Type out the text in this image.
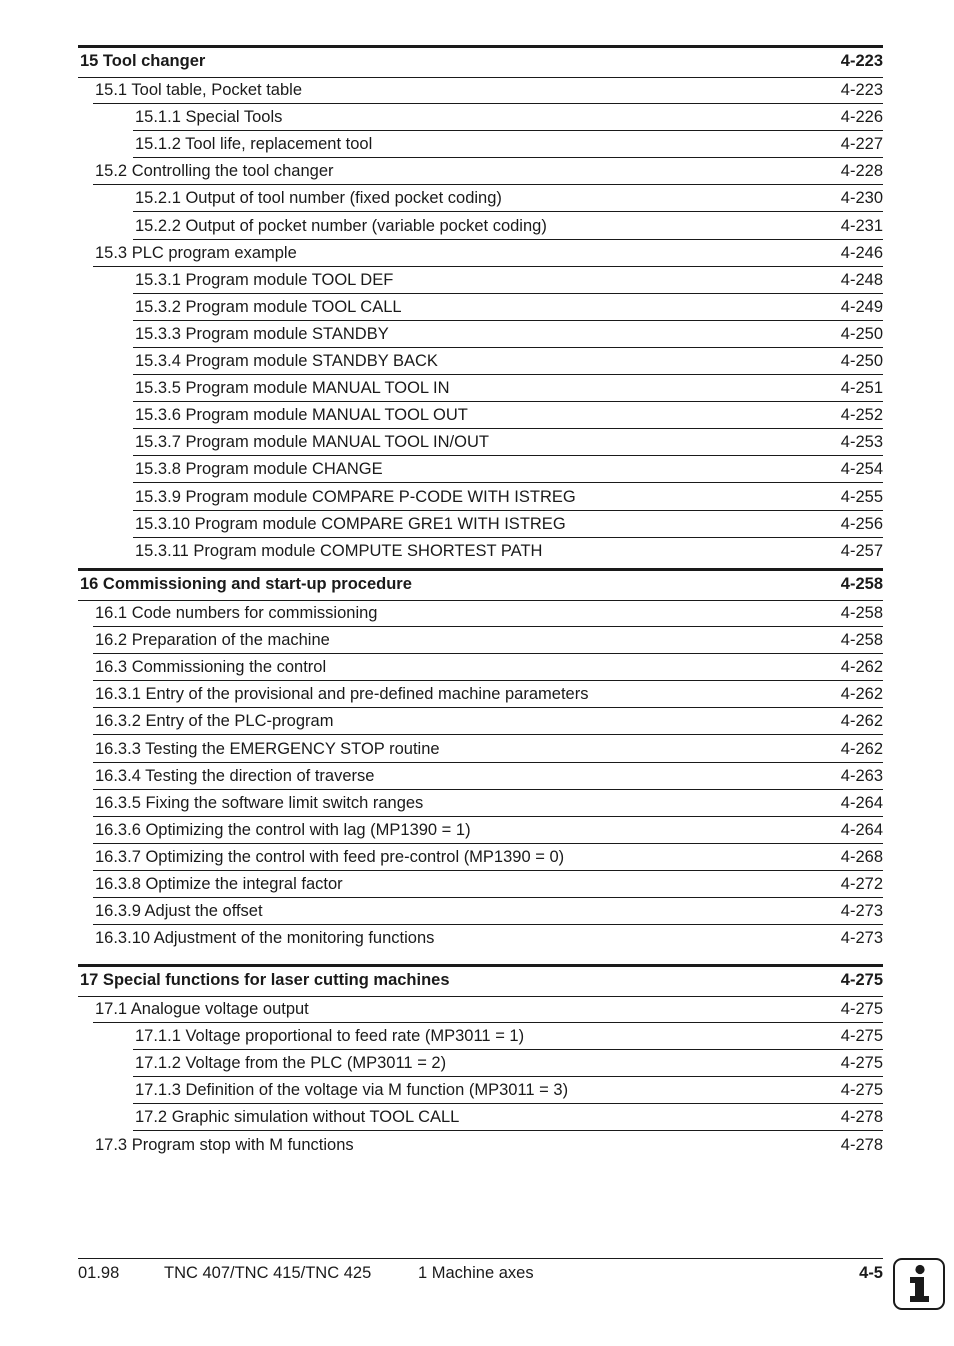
15 Tool changer	4-223
15.1 Tool table, Pocket table	4-223
15.1.1 Special Tools	4-226
15.1.2 Tool life, replacement tool	4-227
15.2 Controlling the tool changer	4-228
15.2.1 Output of tool number (fixed pocket coding)	4-230
15.2.2 Output of pocket number (variable pocket coding)	4-231
15.3 PLC program example	4-246
15.3.1 Program module TOOL DEF	4-248
15.3.2 Program module TOOL CALL	4-249
15.3.3 Program module STANDBY	4-250
15.3.4 Program module STANDBY BACK	4-250
15.3.5 Program module MANUAL TOOL IN	4-251
15.3.6 Program module MANUAL TOOL OUT	4-252
15.3.7 Program module MANUAL TOOL IN/OUT	4-253
15.3.8 Program module CHANGE	4-254
15.3.9 Program module COMPARE P-CODE WITH ISTREG	4-255
15.3.10 Program module COMPARE GRE1 WITH ISTREG	4-256
15.3.11 Program module COMPUTE SHORTEST PATH	4-257
16 Commissioning and start-up procedure	4-258
16.1 Code numbers for commissioning	4-258
16.2 Preparation of the machine	4-258
16.3 Commissioning the control	4-262
16.3.1 Entry of the provisional and pre-defined machine parameters	4-262
16.3.2 Entry of the PLC-program	4-262
16.3.3 Testing the EMERGENCY STOP routine	4-262
16.3.4 Testing the direction of traverse	4-263
16.3.5 Fixing the software limit switch ranges	4-264
16.3.6 Optimizing the control with lag (MP1390 = 1)	4-264
16.3.7 Optimizing the control with feed pre-control (MP1390 = 0)	4-268
16.3.8 Optimize the integral factor	4-272
16.3.9 Adjust the offset	4-273
16.3.10 Adjustment of the monitoring functions	4-273
17 Special functions for laser cutting machines	4-275
17.1 Analogue voltage output	4-275
17.1.1 Voltage proportional to feed rate (MP3011 = 1)	4-275
17.1.2 Voltage from the PLC (MP3011 = 2)	4-275
17.1.3 Definition of the voltage via M function (MP3011 = 3)	4-275
17.2 Graphic simulation without TOOL CALL	4-278
17.3 Program stop with M functions	4-278
01.98	TNC 407/TNC 415/TNC 425	1 Machine axes	4-5
